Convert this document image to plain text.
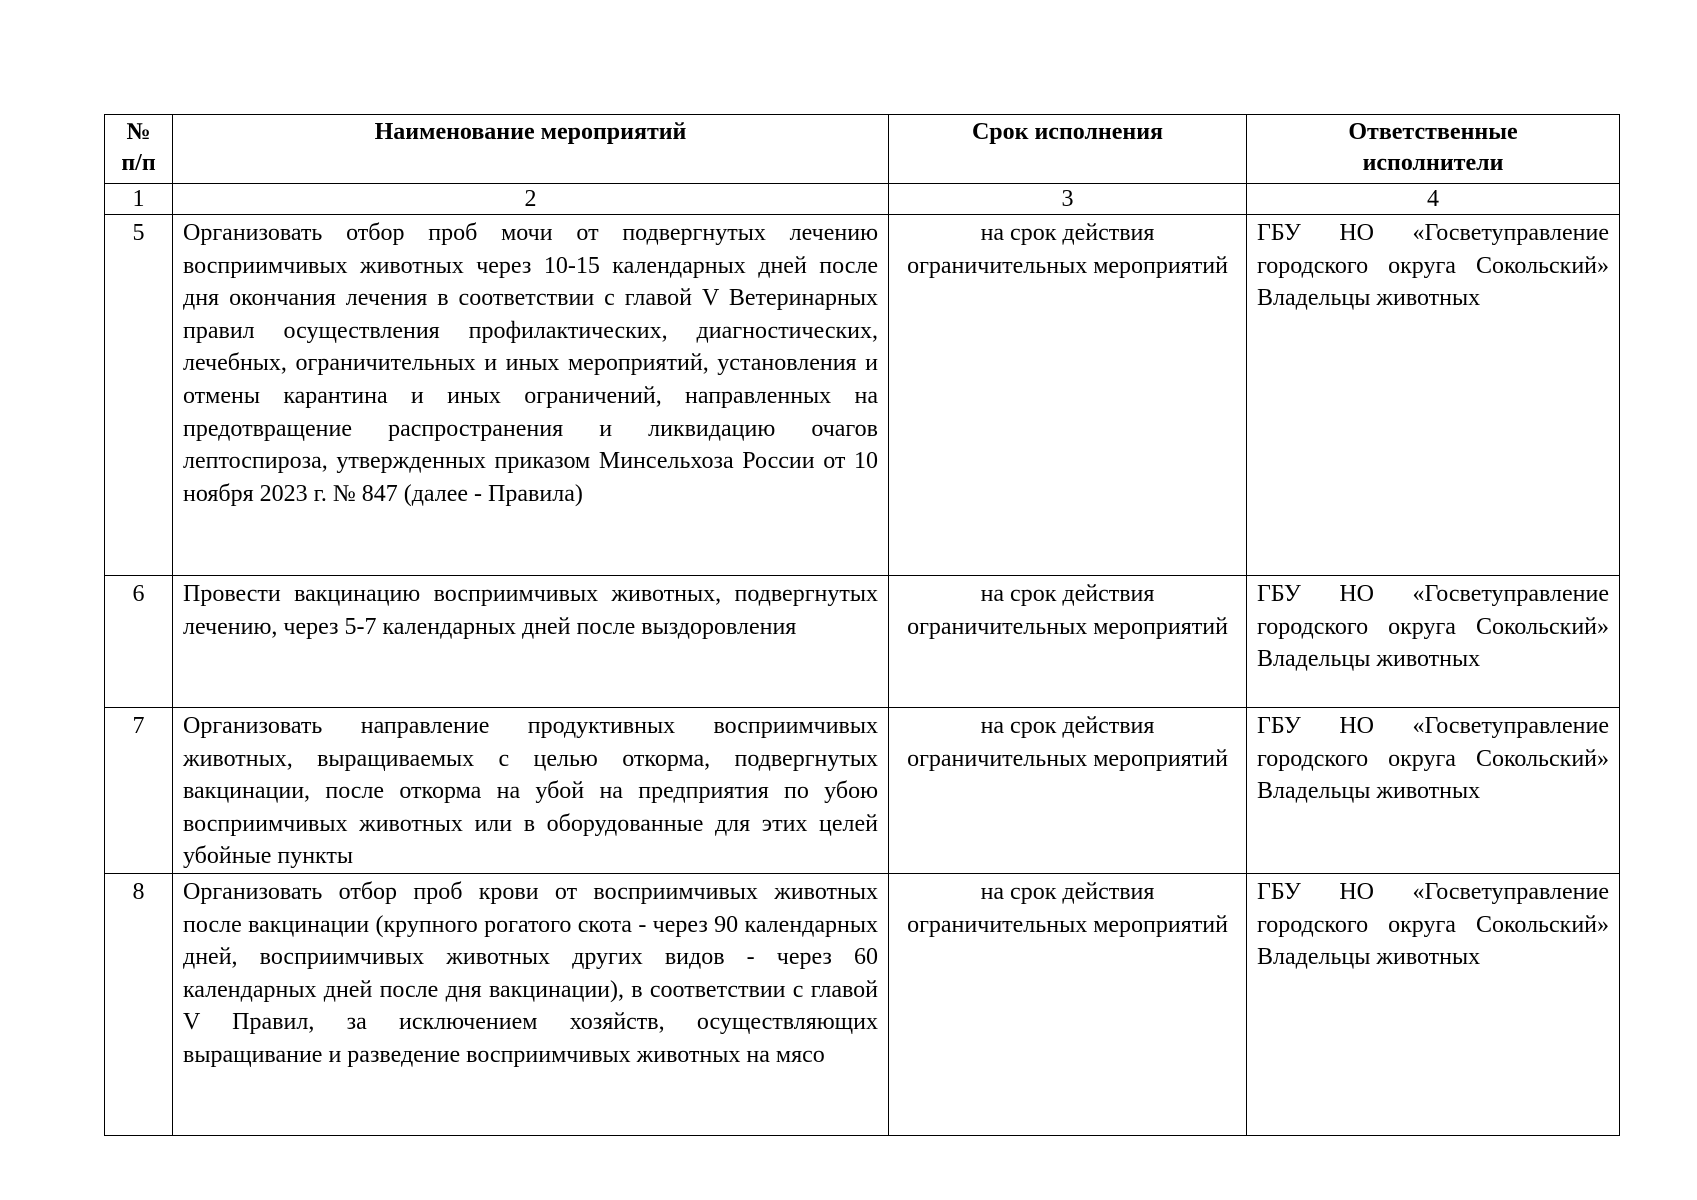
№
п/п	Наименование мероприятий	Срок исполнения	Ответственные
исполнители

1	2	3	4
5	Организовать отбор проб мочи от подвергнутых лечению восприимчивых животных через 10-15 календарных дней после дня окончания лечения в соответствии с главой V Ветеринарных правил осуществления профилактических, диагностических, лечебных, ограничительных и иных мероприятий, установления и отмены карантина и иных ограничений, направленных на предотвращение распространения и ликвидацию очагов лептоспироза, утвержденных приказом Минсельхоза России от 10 ноября 2023 г. № 847 (далее - Правила)	на срок действия ограничительных мероприятий	ГБУ НО «Госветуправление городского округа Сокольский»
Владельцы животных

6	Провести вакцинацию восприимчивых животных, подвергнутых лечению, через 5-7 календарных дней после выздоровления	на срок действия ограничительных мероприятий	ГБУ НО «Госветуправление городского округа Сокольский»
Владельцы животных

7	Организовать направление продуктивных восприимчивых животных, выращиваемых с целью откорма, подвергнутых вакцинации, после откорма на убой на предприятия по убою восприимчивых животных или в оборудованные для этих целей убойные пункты	на срок действия ограничительных мероприятий	ГБУ НО «Госветуправление городского округа Сокольский»
Владельцы животных

8	Организовать отбор проб крови от восприимчивых животных после вакцинации (крупного рогатого скота - через 90 календарных дней, восприимчивых животных других видов - через 60 календарных дней после дня вакцинации), в соответствии с главой V Правил, за исключением хозяйств, осуществляющих выращивание и разведение восприимчивых животных на мясо	на срок действия ограничительных мероприятий	ГБУ НО «Госветуправление городского округа Сокольский»
Владельцы животных
